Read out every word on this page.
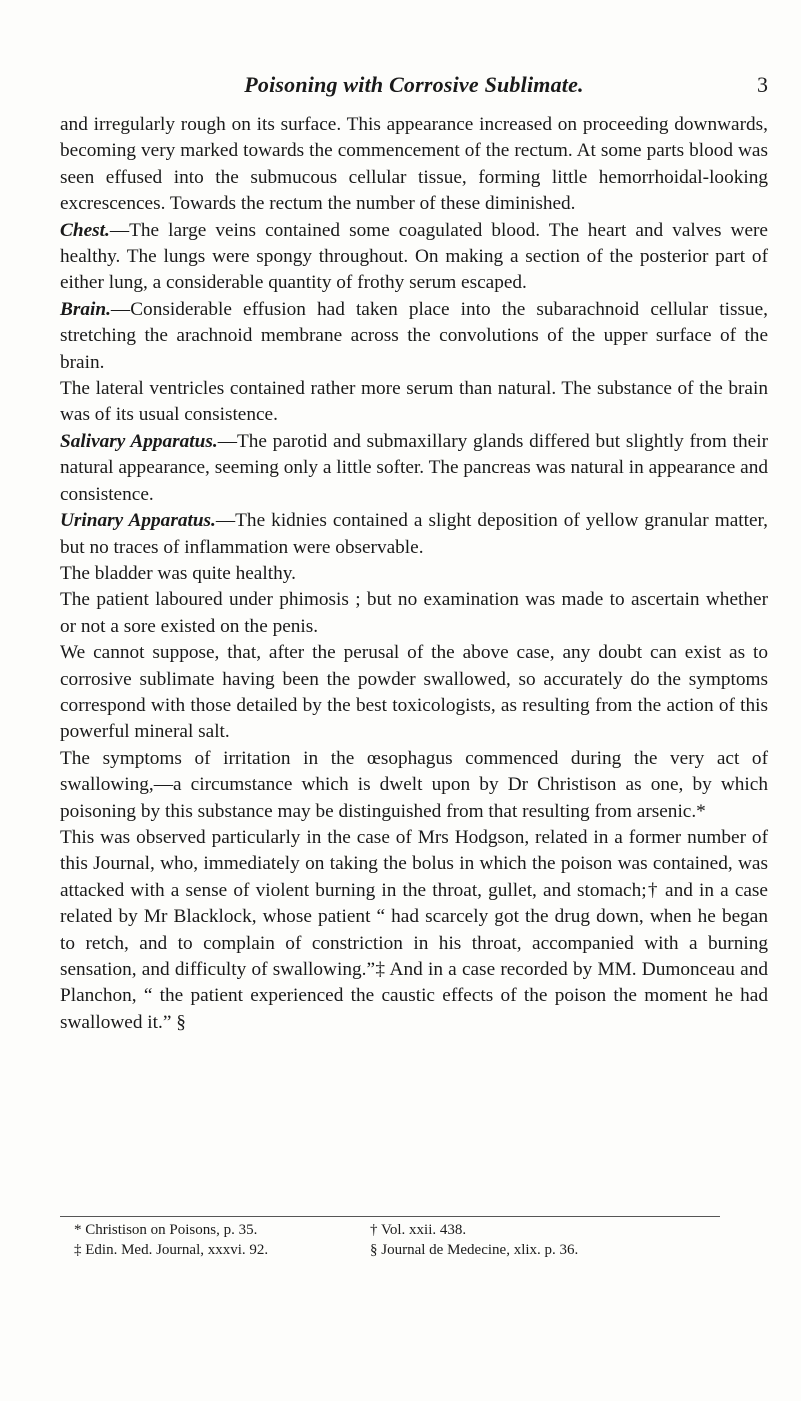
Poisoning with Corrosive Sublimate.	3

and irregularly rough on its surface. This appearance increased on proceeding downwards, becoming very marked towards the commencement of the rectum. At some parts blood was seen effused into the submucous cellular tissue, forming little hemorrhoidal-looking excrescences. Towards the rectum the number of these diminished.

Chest.—The large veins contained some coagulated blood. The heart and valves were healthy. The lungs were spongy throughout. On making a section of the posterior part of either lung, a considerable quantity of frothy serum escaped.

Brain.—Considerable effusion had taken place into the subarachnoid cellular tissue, stretching the arachnoid membrane across the convolutions of the upper surface of the brain.

The lateral ventricles contained rather more serum than natural. The substance of the brain was of its usual consistence.

Salivary Apparatus.—The parotid and submaxillary glands differed but slightly from their natural appearance, seeming only a little softer. The pancreas was natural in appearance and consistence.

Urinary Apparatus.—The kidnies contained a slight deposition of yellow granular matter, but no traces of inflammation were observable.

The bladder was quite healthy.

The patient laboured under phimosis ; but no examination was made to ascertain whether or not a sore existed on the penis.

We cannot suppose, that, after the perusal of the above case, any doubt can exist as to corrosive sublimate having been the powder swallowed, so accurately do the symptoms correspond with those detailed by the best toxicologists, as resulting from the action of this powerful mineral salt.

The symptoms of irritation in the œsophagus commenced during the very act of swallowing,—a circumstance which is dwelt upon by Dr Christison as one, by which poisoning by this substance may be distinguished from that resulting from arsenic.*

This was observed particularly in the case of Mrs Hodgson, related in a former number of this Journal, who, immediately on taking the bolus in which the poison was contained, was attacked with a sense of violent burning in the throat, gullet, and stomach;† and in a case related by Mr Blacklock, whose patient “ had scarcely got the drug down, when he began to retch, and to complain of constriction in his throat, accompanied with a burning sensation, and difficulty of swallowing.”‡ And in a case recorded by MM. Dumonceau and Planchon, “ the patient experienced the caustic effects of the poison the moment he had swallowed it.” §

* Christison on Poisons, p. 35.	† Vol. xxii. 438.
‡ Edin. Med. Journal, xxxvi. 92.	§ Journal de Medecine, xlix. p. 36.
